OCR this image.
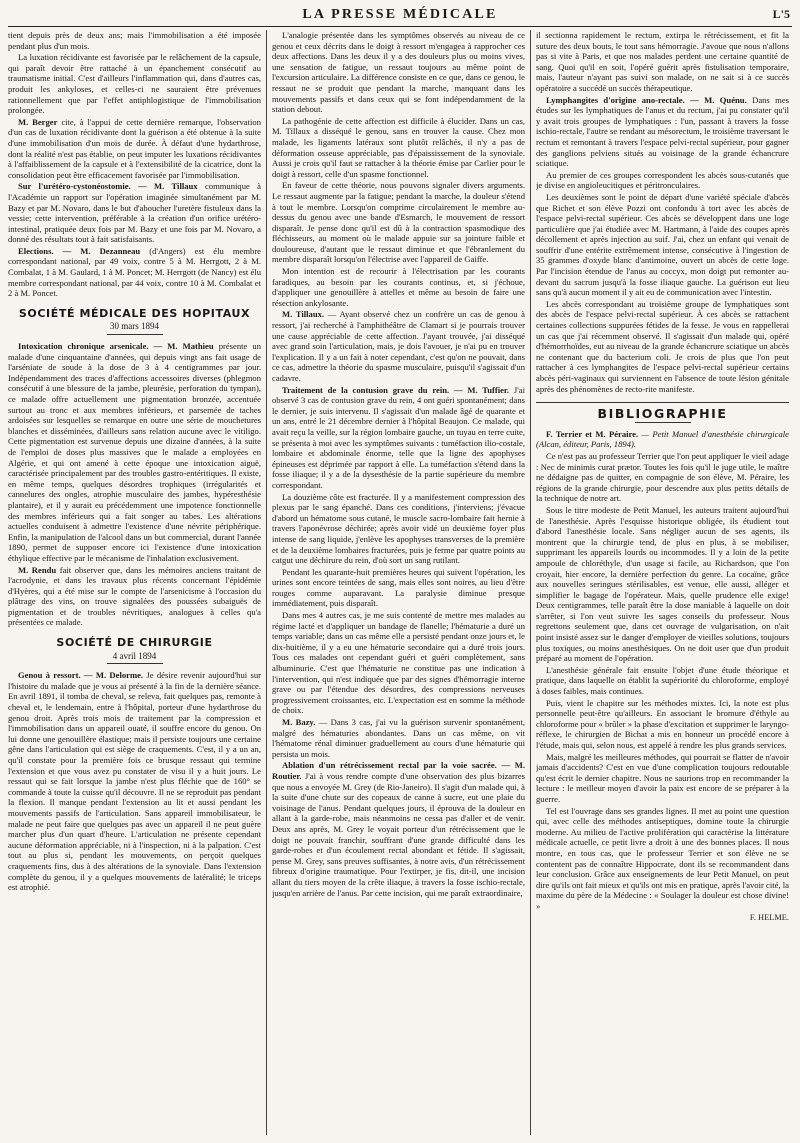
LA PRESSE MÉDICALE	L'5

tient depuis près de deux ans; mais l'immobilisation a été imposée pendant plus d'un mois.

La luxation récidivante est favorisée par le relâchement de la capsule, qui paraît devoir être rattaché à un épanchement consécutif au traumatisme initial. C'est d'ailleurs l'inflammation qui, dans d'autres cas, produit les ankyloses, et celles-ci ne sauraient être prévenues rationnellement que par l'effet antiphlogistique de l'immobilisation prolongée.

M. Berger cite, à l'appui de cette dernière remarque, l'observation d'un cas de luxation récidivante dont la guérison a été obtenue à la suite d'une immobilisation d'un mois de durée. À défaut d'une hydarthrose, dont la réalité n'est pas établie, on peut imputer les luxations récidivantes à l'affaiblissement de la capsule et à l'extensibilité de la cicatrice, dont la consolidation peut être efficacement favorisée par l'immobilisation.

Sur l'urétéro-cystonéostomie. — M. Tillaux communique à l'Académie un rapport sur l'opération imaginée simultanément par M. Bazy et par M. Novaro, dans le but d'aboucher l'uretère fistuleux dans la vessie; cette intervention, préférable à la création d'un orifice urétéro-intestinal, pratiquée deux fois par M. Bazy et une fois par M. Novaro, a donné des résultats tout à fait satisfaisants.

Elections. — M. Dezanneau (d'Angers) est élu membre correspondant national, par 49 voix, contre 5 à M. Herrgott, 2 à M. Combalat, 1 à M. Gaulard, 1 à M. Poncet; M. Herrgott (de Nancy) est élu membre correspondant national, par 44 voix, contre 10 à M. Combalat et 2 à M. Poncet.

SOCIÉTÉ MÉDICALE DES HOPITAUX
30 mars 1894

Intoxication chronique arsenicale. — M. Mathieu présente un malade d'une cinquantaine d'années, qui depuis vingt ans fait usage de l'arséniate de soude à la dose de 3 à 4 centigrammes par jour. Indépendamment des traces d'affections accessoires diverses (phlegmon consécutif à une blessure de la jambe, pleurésie, perforation du tympan), ce malade offre actuellement une pigmentation bronzée, accentuée surtout au tronc et aux membres inférieurs, et parsemée de taches ardoisées sur lesquelles se remarque en outre une série de mouchetures blanches et disséminées, d'ailleurs sans relation aucune avec le vitiligo. Cette pigmentation est survenue depuis une dizaine d'années, à la suite de l'emploi de doses plus massives que le malade a employées en Algérie, et qui ont amené à cette époque une intoxication aiguë, caractérisée principalement par des troubles gastro-entéritiques. Il existe, en même temps, quelques désordres trophiques (irrégularités et cannelures des ongles, atrophie musculaire des jambes, hypéresthésie plantaire), et il y aurait eu précédemment une impotence fonctionnelle des membres inférieurs qui a fait songer au tabes. Les altérations actuelles conduisent à admettre l'existence d'une névrite périphérique. Enfin, la manipulation de l'alcool dans un but commercial, durant l'année 1890, permet de supposer encore ici l'existence d'une intoxication éthylique effective par le mécanisme de l'inhalation exclusivement.

M. Rendu fait observer que, dans les mémoires anciens traitant de l'acrodynie, et dans les travaux plus récents concernant l'épidémie d'Hyères, qui a été mise sur le compte de l'arsenicisme à l'occasion du plâtrage des vins, on trouve signalées des poussées subaiguës de pigmentation et de troubles névritiques, analogues à celles qu'a présentées ce malade.

SOCIÉTÉ DE CHIRURGIE
4 avril 1894

Genou à ressort. — M. Delorme. Je désire revenir aujourd'hui sur l'histoire du malade que je vous ai présenté à la fin de la dernière séance. En avril 1891, il tomba de cheval, se releva, fait quelques pas, remonte à cheval et, le lendemain, entre à l'hôpital, porteur d'une hydarthrose du genou droit. Après trois mois de traitement par la compression et l'immobilisation dans un appareil ouaté, il souffre encore du genou. On lui donne une genouillère élastique; mais il persiste toujours une certaine gêne dans l'articulation qui est siège de craquements. C'est, il y a un an, qu'il constate pour la première fois ce brusque ressaut qui termine l'extension et que vous avez pu constater de visu il y a huit jours. Le ressaut qui se fait lorsque la jambe n'est plus fléchie que de 160° se commande à toute la cuisse qu'il découvre. Il ne se reproduit pas pendant la flexion. Il manque pendant l'extension au lit et aussi pendant les mouvements passifs de l'articulation. Sans appareil immobilisateur, le malade ne peut faire que quelques pas avec un appareil il ne peut guère marcher plus d'un quart d'heure. L'articulation ne présente cependant aucune déformation appréciable, ni à l'inspection, ni à la palpation. C'est tout au plus si, pendant les mouvements, on perçoit quelques craquements fins, dus à des altérations de la synoviale. Dans l'extension complète du genou, il y a quelques mouvements de latéralité; le triceps est atrophié.

L'analogie présentée dans les symptômes observés au niveau de ce genou et ceux décrits dans le doigt à ressort m'engagea à rapprocher ces deux affections. Dans les deux il y a des douleurs plus ou moins vives, une sensation de fatigue, un ressaut toujours au même point de l'excursion articulaire. La différence consiste en ce que, dans ce genou, le ressaut ne se produit que pendant la marche, manquant dans les mouvements passifs et dans ceux qui se font indépendamment de la station debout.

La pathogénie de cette affection est difficile à élucider. Dans un cas, M. Tillaux a disséqué le genou, sans en trouver la cause. Chez mon malade, les ligaments latéraux sont plutôt relâchés, il n'y a pas de déformation osseuse appréciable, pas d'épaississement de la synoviale. Aussi je crois qu'il faut se rattacher à la théorie émise par Carlier pour le doigt à ressort, celle d'un spasme fonctionnel.

En faveur de cette théorie, nous pouvons signaler divers arguments. Le ressaut augmente par la fatigue; pendant la marche, la douleur s'étend à tout le membre. Lorsqu'on comprime circulairement le membre au-dessus du genou avec une bande d'Esmarch, le mouvement de ressort disparaît. Je pense donc qu'il est dû à la contraction spasmodique des fléchisseurs, au moment où le malade appuie sur sa jointure faible et douloureuse, d'autant que le ressaut diminue et que l'ébranlement du membre disparaît lorsqu'on l'électrise avec l'appareil de Gaiffe.

Mon intention est de recourir à l'électrisation par les courants faradiques, au besoin par les courants continus, et, si j'échoue, d'appliquer une genouillère à attelles et même au besoin de faire une résection ankylosante.

M. Tillaux. — Ayant observé chez un confrère un cas de genou à ressort, j'ai recherché à l'amphithéâtre de Clamart si je pourrais trouver une cause appréciable de cette affection. J'ayant trouvée, j'ai disséqué avec grand soin l'articulation, mais, je dois l'avouer, je n'ai pu en trouver l'explication. Il y a un fait à noter cependant, c'est qu'on ne pouvait, dans ce cas, admettre la théorie du spasme musculaire, puisqu'il s'agissait d'un cadavre.

Traitement de la contusion grave du rein. — M. Tuffier. J'ai observé 3 cas de contusion grave du rein, 4 ont guéri spontanément; dans le dernier, je suis intervenu. Il s'agissait d'un malade âgé de quarante et un ans, entré le 21 décembre dernier à l'hôpital Beaujon. Ce malade, qui avait reçu la veille, sur la région lombaire gauche, un tuyau en terre cuite, se présenta à moi avec les symptômes suivants : tuméfaction ilio-costale, lombaire et abdominale énorme, telle que la ligne des apophyses épineuses est déprimée par rapport à elle. La tuméfaction s'étend dans la fosse iliaque; il y a de la dysesthésie de la partie supérieure du membre correspondant.

La douzième côte est fracturée. Il y a manifestement compression des plexus par le sang épanché. Dans ces conditions, j'interviens; j'évacue d'abord un hématome sous cutané, le muscle sacro-lombaire fait hernie à travers l'aponévrose déchirée; après avoir vidé un deuxième foyer plus intense de sang liquide, j'enlève les apophyses transverses de la première et de la deuxième lombaires fracturées, puis je ferme par quatre points au catgut une déchirure du rein, d'où sort un sang rutilant.

Pendant les quarante-huit premières heures qui suivent l'opération, les urines sont encore teintées de sang, mais elles sont noires, au lieu d'être rouges comme auparavant. La paralysie diminue presque immédiatement, puis disparaît.

Dans mes 4 autres cas, je me suis contenté de mettre mes malades au régime lacté et d'appliquer un bandage de flanelle; l'hématurie a duré un temps variable; dans un cas même elle a persisté pendant onze jours et, le dix-huitième, il y a eu une hématurie secondaire qui a duré trois jours. Tous ces malades ont cependant guéri et guéri complètement, sans albuminurie. C'est que l'hématurie ne constitue pas une indication à l'intervention, qui n'est indiquée que par des signes d'hémorragie interne grave ou par l'étendue des désordres, des compressions nerveuses progressivement croissantes, etc. L'expectation est en somme la méthode de choix.

M. Bazy. — Dans 3 cas, j'ai vu la guérison survenir spontanément, malgré des hématuries abondantes. Dans un cas même, on vit l'hématome rénal diminuer graduellement au cours d'une hématurie qui persista un mois.

Ablation d'un rétrécissement rectal par la voie sacrée. — M. Routier. J'ai à vous rendre compte d'une observation des plus bizarres que nous a envoyée M. Grey (de Rio-Janeiro). Il s'agit d'un malade qui, à la suite d'une chute sur des copeaux de canne à sucre, eut une plaie du voisinage de l'anus. Pendant quelques jours, il éprouva de la douleur en allant à la garde-robe, mais néanmoins ne cessa pas d'aller et de venir. Deux ans après, M. Grey le voyait porteur d'un rétrécissement que le doigt ne pouvait franchir, souffrant d'une grande difficulté dans les garde-robes et d'un écoulement rectal abondant et fétide. Il s'agissait, pense M. Grey, sans preuves suffisantes, à notre avis, d'un rétrécissement fibreux d'origine traumatique. Pour l'extirper, je fis, dit-il, une incision allant du tiers moyen de la crête iliaque, à travers la fosse ischio-rectale, jusqu'en arrière de l'anus. Par cette incision, qui me paraît extraordinaire,

il sectionna rapidement le rectum, extirpa le rétrécissement, et fit la suture des deux bouts, le tout sans hémorragie. J'avoue que nous n'allons pas si vite à Paris, et que nos malades perdent une certaine quantité de sang. Quoi qu'il en soit, l'opéré guérit après fistulisation temporaire, mais, l'auteur n'ayant pas suivi son malade, on ne sait si à ce succès opératoire a succédé un succès thérapeutique.

Lymphangites d'origine ano-rectale. — M. Quénu. Dans mes études sur les lymphatiques de l'anus et du rectum, j'ai pu constater qu'il y avait trois groupes de lymphatiques : l'un, passant à travers la fosse ischio-rectale, l'autre se rendant au mésorectum, le troisième traversant le rectum et remontant à travers l'espace pelvi-rectal supérieur, pour gagner des ganglions pelviens situés au voisinage de la grande échancrure sciatique.

Au premier de ces groupes correspondent les abcès sous-cutanés que je divise en angioleucitiques et péritronculaires.

Les deuxièmes sont le point de départ d'une variété spéciale d'abcès que Richet et son élève Pozzi ont confondu à tort avec les abcès de l'espace pelvi-rectal supérieur. Ces abcès se développent dans une loge particulière que j'ai étudiée avec M. Hartmann, à l'aide des coupes après décollement et après injection au suif. J'ai, chez un enfant qui venait de souffrir d'une entérite extrêmement intense, consécutive à l'ingestion de 35 grammes d'oxyde blanc d'antimoine, ouvert un abcès de cette loge. Par l'incision étendue de l'anus au coccyx, mon doigt put remonter au-devant du sacrum jusqu'à la fosse iliaque gauche. La guérison eut lieu sans qu'à aucun moment il y ait eu de communication avec l'intestin.

Les abcès correspondant au troisième groupe de lymphatiques sont des abcès de l'espace pelvi-rectal supérieur. À ces abcès se rattachent certaines collections suppurées fétides de la fesse. Je vous en rappellerai un cas que j'ai récemment observé. Il s'agissait d'un malade qui, opéré d'hémorrhoïdes, eut au niveau de la grande échancrure sciatique un abcès ne contenant que du bacterium coli. Je crois de plus que l'on peut rattacher à ces lymphangites de l'espace pelvi-rectal supérieur certains abcès péri-vaginaux qui surviennent en l'absence de toute lésion génitale après des phénomènes de recto-rite manifeste.

BIBLIOGRAPHIE

F. Terrier et M. Péraire. — Petit Manuel d'anesthésie chirurgicale (Alcan, éditeur, Paris, 1894).

Ce n'est pas au professeur Terrier que l'on peut appliquer le vieil adage : Nec de minimis curat prætor. Toutes les fois qu'il le juge utile, le maître ne dédaigne pas de quitter, en compagnie de son élève, M. Péraire, les régions de la grande chirurgie, pour descendre aux plus petits détails de la technique de notre art.

Sous le titre modeste de Petit Manuel, les auteurs traitent aujourd'hui de l'anesthésie. Après l'esquisse historique obligée, ils étudient tout d'abord l'anesthésie locale. Sans négliger aucun de ses agents, ils montrent que la chirurgie tend, de plus en plus, à se mobiliser, supprimant les appareils lourds ou incommodes. Il y a loin de la petite ampoule de chloréthyle, d'un usage si facile, au Richardson, que l'on croyait, hier encore, la dernière perfection du genre. La cocaïne, grâce aux nouvelles seringues stérilisables, est venue, elle aussi, alléger et simplifier le bagage de l'opérateur. Mais, quelle prudence elle exige! Deux centigrammes, telle paraît être la dose maniable à laquelle on doit s'arrêter, si l'on veut suivre les sages conseils du professeur. Nous regrettons seulement que, dans cet ouvrage de vulgarisation, on n'ait point insisté assez sur le danger d'employer de vieilles solutions, toujours plus toxiques, ou moins anesthésiques. On ne doit user que d'un produit préparé au moment de l'opération.

L'anesthésie générale fait ensuite l'objet d'une étude théorique et pratique, dans laquelle on établit la supériorité du chloroforme, employé à doses faibles, mais continues.

Puis, vient le chapitre sur les méthodes mixtes. Ici, la note est plus personnelle peut-être qu'ailleurs. En associant le bromure d'éthyle au chloroforme pour « brûler » la phase d'excitation et supprimer le laryngo-réflexe, le chirurgien de Bichat a mis en honneur un procédé encore à l'étude, mais qui, selon nous, est appelé à rendre les plus grands services.

Mais, malgré les meilleures méthodes, qui pourrait se flatter de n'avoir jamais d'accidents? C'est en vue d'une complication toujours redoutable qu'est écrit le dernier chapitre. Nous ne saurions trop en recommander la lecture : le meilleur moyen d'avoir la paix est encore de se préparer à la guerre.

Tel est l'ouvrage dans ses grandes lignes. Il met au point une question qui, avec celle des méthodes antiseptiques, domine toute la chirurgie moderne. Au milieu de l'active prolifération qui caractérise la littérature médicale actuelle, ce petit livre a droit à une des bonnes places. Il nous montre, en tous cas, que le professeur Terrier et son élève ne se contentent pas de connaître Hippocrate, dont ils se recommandent dans leur conclusion. Grâce aux enseignements de leur Petit Manuel, on peut dire qu'ils ont fait mieux et qu'ils ont mis en pratique, après l'avoir cité, la maxime du père de la Médecine : « Soulager la douleur est chose divine! »

F. HELME.
